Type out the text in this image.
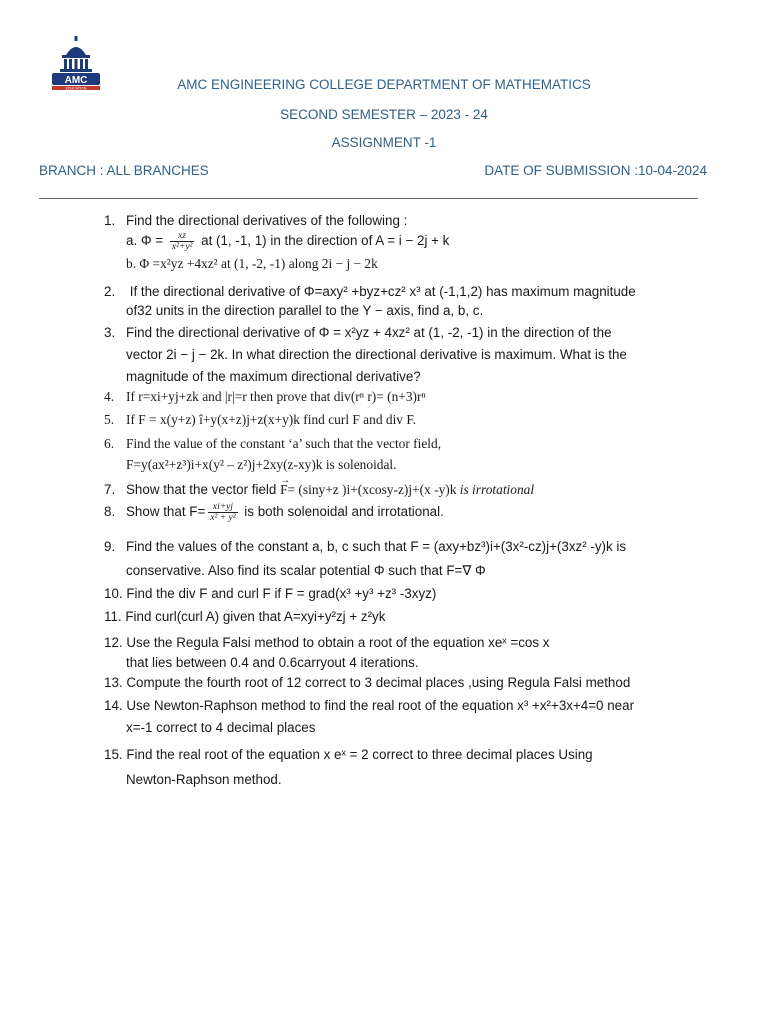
AMC
EDUCATION	AMC ENGINEERING COLLEGE DEPARTMENT OF MATHEMATICS
SECOND SEMESTER – 2023 - 24
ASSIGNMENT -1
BRANCH : ALL BRANCHES	DATE OF SUBMISSION :10-04-2024
1. Find the directional derivatives of the following :
a. $\Phi = \frac{xz}{\text{x²+y²}}$ at (1, -1, 1) in the direction of A = i − 2j + k
b. Φ =x²yz +4xz² at (1, -2, -1) along 2i − j − 2k
2. If the directional derivative of Φ=axy² +byz+cz² x³ at (-1,1,2) has maximum magnitude
of32 units in the direction parallel to the Y − axis, find a, b, c.
3. Find the directional derivative of Φ = x²yz + 4xz² at (1, -2, -1) in the direction of the
vector 2i − j − 2k. In what direction the directional derivative is maximum. What is the
magnitude of the maximum directional derivative?
4. If r=xi+yj+zk and |r|=r then prove that div(rⁿ r)= (n+3)rⁿ
5. If F = x(y+z) î+y(x+z)j+z(x+y)k find curl F and div F.
6. Find the value of the constant ‘a’ such that the vector field,
F=y(ax²+z³)i+x(y² – z²)j+2xy(z-xy)k is solenoidal.
7. Show that the vector field → F= (siny+z )i+(xcosy-z)j+(x -y)k is irrotational
8. Show that $F= \frac{xi+yj}{\text{x² + y²}}$ is both solenoidal and irrotational.
9. Find the values of the constant a, b, c such that F = (axy+bz³)i+(3x²-cz)j+(3xz² -y)k is
conservative. Also find its scalar potential Φ such that F=∇ Φ
10. Find the div F and curl F if F = grad(x³ +y³ +z³ -3xyz)
11. Find curl(curl A) given that A=xyi+y²zj + z²yk
12. Use the Regula Falsi method to obtain a root of the equation xeˣ =cos x
that lies between 0.4 and 0.6carryout 4 iterations.
13. Compute the fourth root of 12 correct to 3 decimal places ,using Regula Falsi method
14. Use Newton-Raphson method to find the real root of the equation x³ +x²+3x+4=0 near
x=-1 correct to 4 decimal places
15. Find the real root of the equation x eˣ = 2 correct to three decimal places Using
Newton-Raphson method.
